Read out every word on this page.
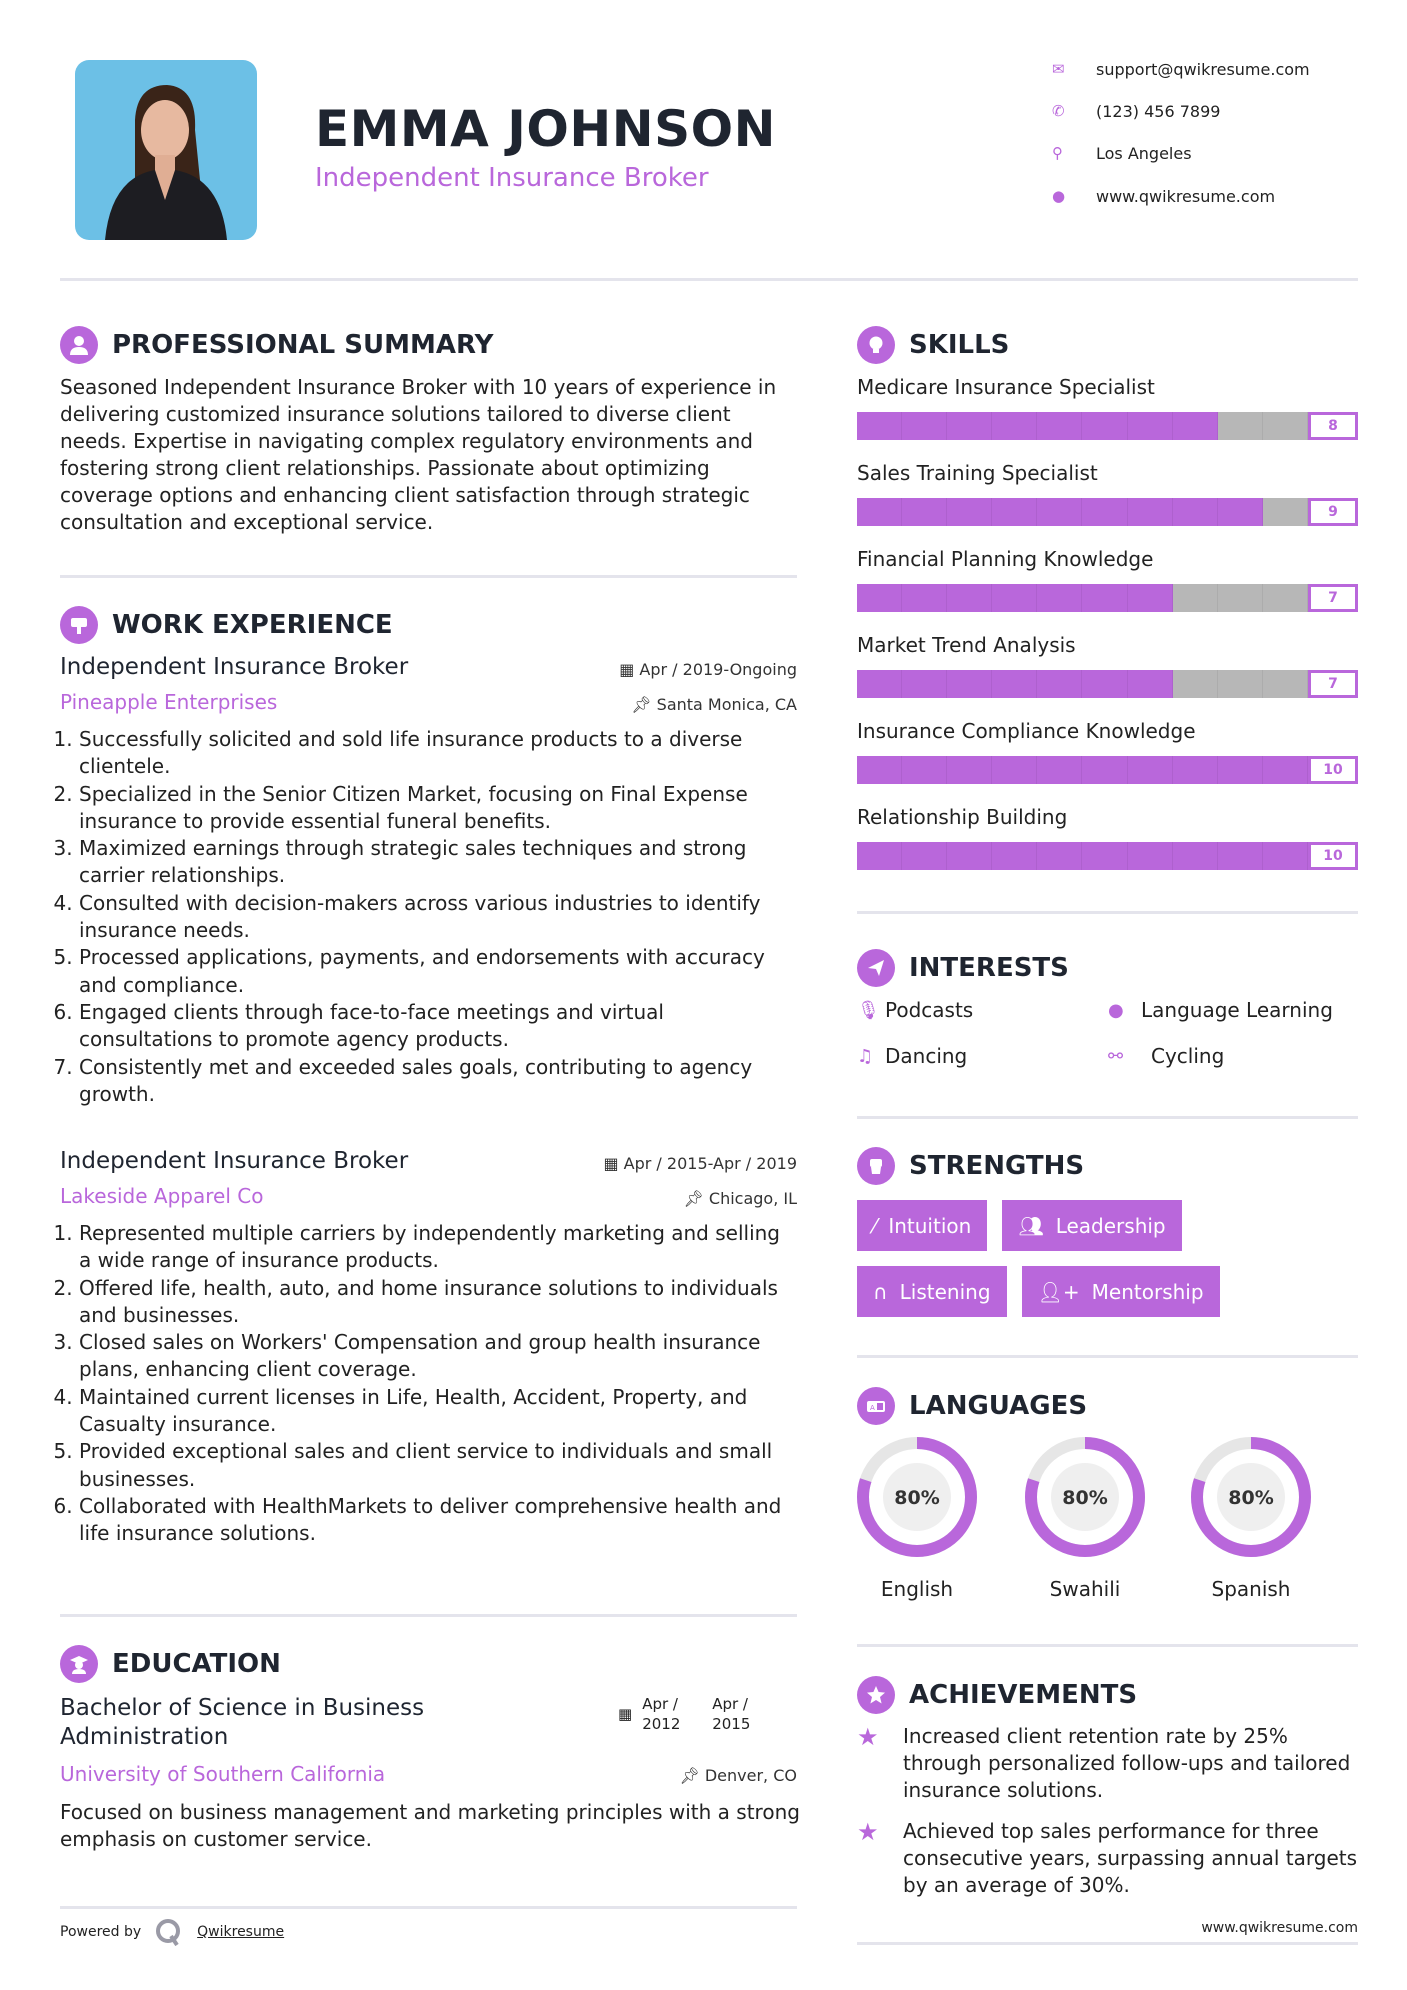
EMMA JOHNSON
Independent Insurance Broker
✉	support@qwikresume.com
✆	(123) 456 7899
⚲	Los Angeles
●	www.qwikresume.com
PROFESSIONAL SUMMARY
Seasoned Independent Insurance Broker with 10 years of experience in delivering customized insurance solutions tailored to diverse client needs. Expertise in navigating complex regulatory environments and fostering strong client relationships. Passionate about optimizing coverage options and enhancing client satisfaction through strategic consultation and exceptional service.
WORK EXPERIENCE
Independent Insurance Broker	▦ Apr / 2019-Ongoing
Pineapple Enterprises	📌︎ Santa Monica, CA
1. Successfully solicited and sold life insurance products to a diverse clientele.
2. Specialized in the Senior Citizen Market, focusing on Final Expense insurance to provide essential funeral benefits.
3. Maximized earnings through strategic sales techniques and strong carrier relationships.
4. Consulted with decision-makers across various industries to identify insurance needs.
5. Processed applications, payments, and endorsements with accuracy and compliance.
6. Engaged clients through face-to-face meetings and virtual consultations to promote agency products.
7. Consistently met and exceeded sales goals, contributing to agency growth.
Independent Insurance Broker	▦ Apr / 2015-Apr / 2019
Lakeside Apparel Co	📌︎ Chicago, IL
1. Represented multiple carriers by independently marketing and selling a wide range of insurance products.
2. Offered life, health, auto, and home insurance solutions to individuals and businesses.
3. Closed sales on Workers' Compensation and group health insurance plans, enhancing client coverage.
4. Maintained current licenses in Life, Health, Accident, Property, and Casualty insurance.
5. Provided exceptional sales and client service to individuals and small businesses.
6. Collaborated with HealthMarkets to deliver comprehensive health and life insurance solutions.
EDUCATION
Bachelor of Science in Business Administration
▦
Apr / 2012
Apr / 2015
University of Southern California	📌︎ Denver, CO
Focused on business management and marketing principles with a strong emphasis on customer service.
Powered by	Qwikresume
SKILLS
Medicare Insurance Specialist
8
Sales Training Specialist
9
Financial Planning Knowledge
7
Market Trend Analysis
7
Insurance Compliance Knowledge
10
Relationship Building
10
INTERESTS
🎙︎ Podcasts	● Language Learning
♫ Dancing	⚯	Cycling
STRENGTHS
⁄ Intuition 👥︎ Leadership
∩ Listening 👤︎+ Mentorship
A LANGUAGES
80%
English
80%
Swahili
80%
Spanish
ACHIEVEMENTS
★	Increased client retention rate by 25% through personalized follow-ups and tailored insurance solutions.
★	Achieved top sales performance for three consecutive years, surpassing annual targets by an average of 30%.
www.qwikresume.com
